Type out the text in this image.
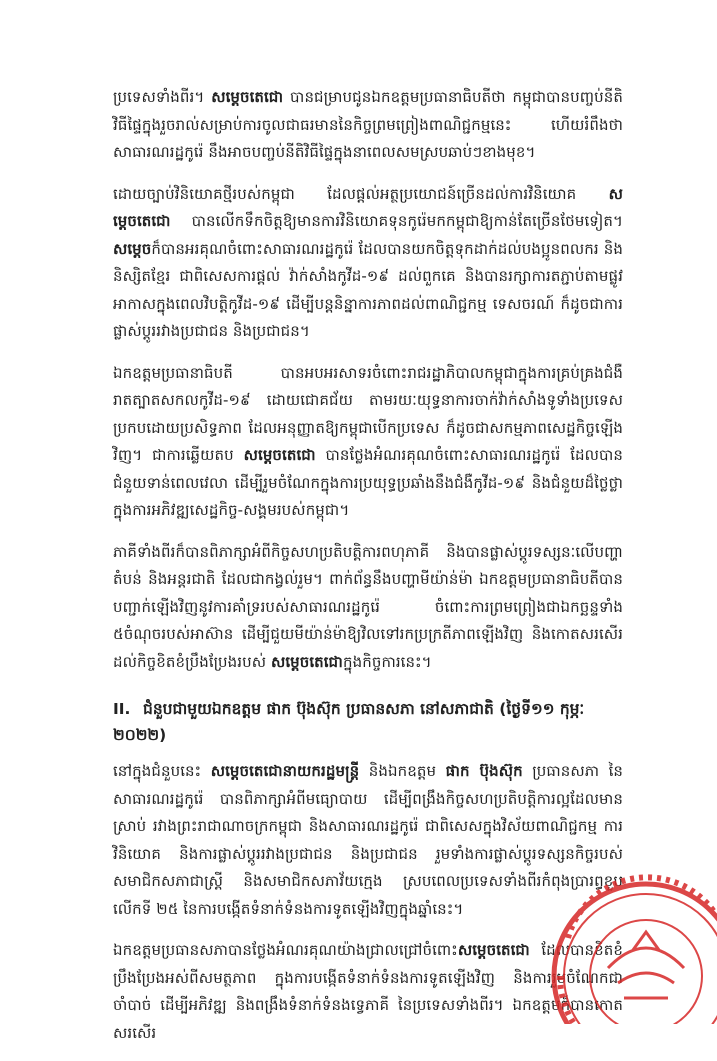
ប្រទេសទាំងពីរ។ សម្តេចតេជោ បានជម្រាបជូនឯកឧត្តមប្រធានាធិបតីថា កម្ពុជាបានបញ្ចប់នីតិវិធីផ្ទៃក្នុងរួចរាល់សម្រាប់ការចូលជាធរមាននៃកិច្ចព្រមព្រៀងពាណិជ្ជកម្មនេះ ហើយរំពឹងថា សាធារណរដ្ឋកូរ៉េ នឹងអាចបញ្ចប់នីតិវិធីផ្ទៃក្នុងនាពេលសមស្របឆាប់ៗខាងមុខ។

ដោយច្បាប់វិនិយោគថ្មីរបស់កម្ពុជា ដែលផ្តល់អត្ថប្រយោជន៍ច្រើនដល់ការវិនិយោគ សម្តេចតេជោ បានលើកទឹកចិត្តឱ្យមានការវិនិយោគទុនកូរ៉េមកកម្ពុជាឱ្យកាន់តែច្រើនថែមទៀត។ សម្តេចក៏បានអរគុណចំពោះសាធារណរដ្ឋកូរ៉េ ដែលបានយកចិត្តទុកដាក់ដល់បងប្អូនពលករ និងនិស្សិតខ្មែរ ជាពិសេសការផ្តល់ វ៉ាក់សាំងកូវីដ-១៩ ដល់ពួកគេ និងបានរក្សាការតភ្ជាប់តាមផ្លូវអាកាសក្នុងពេលវិបត្តិកូវីដ-១៩ ដើម្បីបន្តនិន្នាការភាពដល់ពាណិជ្ជកម្ម ទេសចរណ៍ ក៏ដូចជាការផ្លាស់ប្តូររវាងប្រជាជន និងប្រជាជន។

ឯកឧត្តមប្រធានាធិបតី បានអបអរសាទរចំពោះរាជរដ្ឋាភិបាលកម្ពុជាក្នុងការគ្រប់គ្រងជំងឺរាតត្បាតសកលកូវីដ-១៩ ដោយជោគជ័យ តាមរយៈយុទ្ធនាការចាក់វ៉ាក់សាំងទូទាំងប្រទេសប្រកបដោយប្រសិទ្ធភាព ដែលអនុញ្ញាតឱ្យកម្ពុជាបើកប្រទេស ក៏ដូចជាសកម្មភាពសេដ្ឋកិច្ចឡើងវិញ។ ជាការឆ្លើយតប សម្តេចតេជោ បានថ្លែងអំណរគុណចំពោះសាធារណរដ្ឋកូរ៉េ ដែលបានជំនួយទាន់ពេលវេលា ដើម្បីរួមចំណែកក្នុងការប្រយុទ្ធប្រឆាំងនឹងជំងឺកូវីដ-១៩ និងជំនួយដ៏ថ្លៃថ្លាក្នុងការអភិវឌ្ឍសេដ្ឋកិច្ច-សង្គមរបស់កម្ពុជា។

ភាគីទាំងពីរក៏បានពិភាក្សាអំពីកិច្ចសហប្រតិបត្តិការពហុភាគី និងបានផ្លាស់ប្តូរទស្សនៈលើបញ្ហាតំបន់ និងអន្តរជាតិ ដែលជាកង្វល់រួម។ ពាក់ព័ន្ធនឹងបញ្ហាមីយ៉ាន់ម៉ា ឯកឧត្តមប្រធានាធិបតីបានបញ្ជាក់ឡើងវិញនូវការគាំទ្ររបស់សាធារណរដ្ឋកូរ៉េ ចំពោះការព្រមព្រៀងជាឯកច្ឆន្ទទាំង ៥ចំណុចរបស់អាស៊ាន ដើម្បីជួយមីយ៉ាន់ម៉ាឱ្យវិលទៅរកប្រក្រតីភាពឡើងវិញ និងកោតសរសើរដល់កិច្ចខិតខំប្រឹងប្រែងរបស់ សម្តេចតេជោក្នុងកិច្ចការនេះ។

II. ជំនួបជាមួយឯកឧត្តម ផាក ប៊ុងស៊ុក ប្រធានសភា នៅសភាជាតិ (ថ្ងៃទី១១ កុម្ភៈ ២០២២)

នៅក្នុងជំនួបនេះ សម្តេចតេជោនាយករដ្ឋមន្ត្រី និងឯកឧត្តម ផាក ប៊ុងស៊ុក ប្រធានសភា នៃសាធារណរដ្ឋកូរ៉េ បានពិភាក្សាអំពីមធ្យោបាយ ដើម្បីពង្រឹងកិច្ចសហប្រតិបត្តិការល្អដែលមានស្រាប់ រវាងព្រះរាជាណាចក្រកម្ពុជា និងសាធារណរដ្ឋកូរ៉េ ជាពិសេសក្នុងវិស័យពាណិជ្ជកម្ម ការវិនិយោគ និងការផ្លាស់ប្តូររវាងប្រជាជន និងប្រជាជន រួមទាំងការផ្លាស់ប្តូរទស្សនកិច្ចរបស់សមាជិកសភាជាស្ត្រី និងសមាជិកសភាវ័យក្មេង ស្របពេលប្រទេសទាំងពីរកំពុងប្រារព្ធខួបលើកទី ២៥ នៃការបង្កើតទំនាក់ទំនងការទូតឡើងវិញក្នុងឆ្នាំនេះ។

ឯកឧត្តមប្រធានសភាបានថ្លែងអំណរគុណយ៉ាងជ្រាលជ្រៅចំពោះសម្តេចតេជោ ដែលបានខិតខំប្រឹងប្រែងអស់ពីសមត្ថភាព ក្នុងការបង្កើតទំនាក់ទំនងការទូតឡើងវិញ និងការរួមចំណែកជាចាំបាច់ ដើម្បីអភិវឌ្ឍ និងពង្រឹងទំនាក់ទំនងទ្វេភាគី នៃប្រទេសទាំងពីរ។ ឯកឧត្តមក៏បានកោតសរសើរ
